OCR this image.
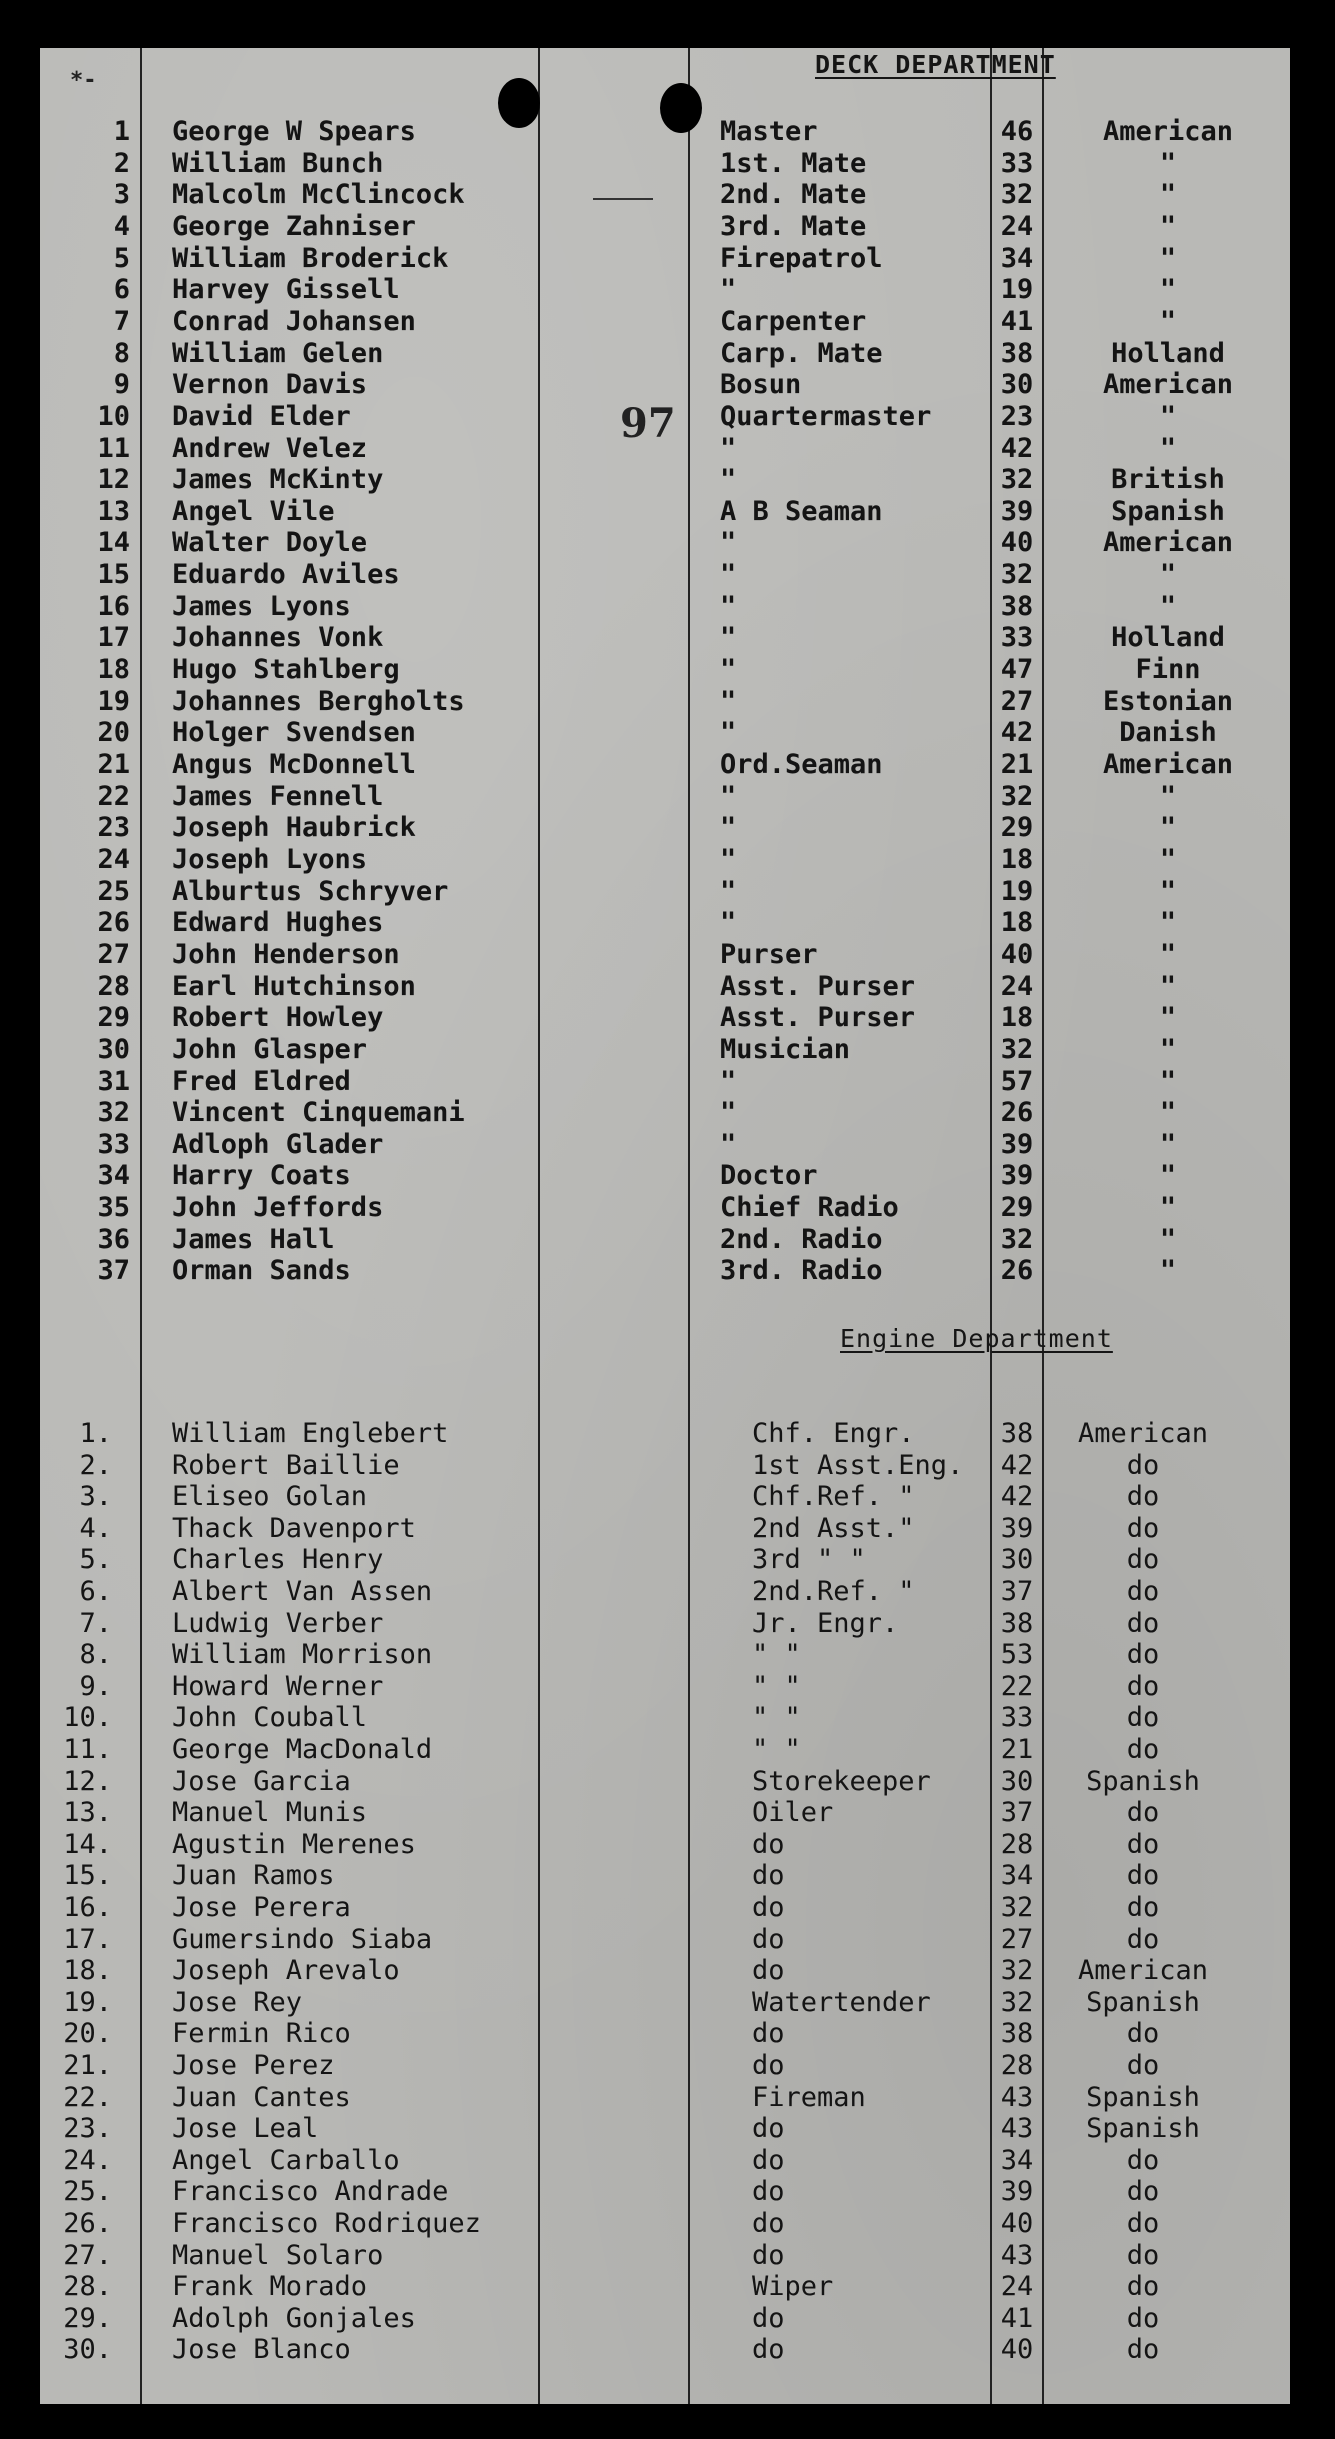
*-
DECK DEPARTMENT
Engine Department
97
1 George W Spears	Master	46	American
2 William Bunch	1st. Mate	33	"
3 Malcolm McClincock	2nd. Mate	32	"
4 George Zahniser	3rd. Mate	24	"
5 William Broderick	Firepatrol	34	"
6 Harvey Gissell	"	19	"
7 Conrad Johansen	Carpenter	41	"
8 William Gelen	Carp. Mate	38	Holland
9 Vernon Davis	Bosun	30	American
10 David Elder	Quartermaster	23	"
11 Andrew Velez	"	42	"
12 James McKinty	"	32	British
13 Angel Vile	A B Seaman	39	Spanish
14 Walter Doyle	"	40	American
15 Eduardo Aviles	"	32	"
16 James Lyons	"	38	"
17 Johannes Vonk	"	33	Holland
18 Hugo Stahlberg	"	47	Finn
19 Johannes Bergholts	"	27	Estonian
20 Holger Svendsen	"	42	Danish
21 Angus McDonnell	Ord.Seaman	21	American
22 James Fennell	"	32	"
23 Joseph Haubrick	"	29	"
24 Joseph Lyons	"	18	"
25 Alburtus Schryver	"	19	"
26 Edward Hughes	"	18	"
27 John Henderson	Purser	40	"
28 Earl Hutchinson	Asst. Purser	24	"
29 Robert Howley	Asst. Purser	18	"
30 John Glasper	Musician	32	"
31 Fred Eldred	"	57	"
32 Vincent Cinquemani	"	26	"
33 Adloph Glader	"	39	"
34 Harry Coats	Doctor	39	"
35 John Jeffords	Chief Radio	29	"
36 James Hall	2nd. Radio	32	"
37 Orman Sands	3rd. Radio	26	"
1. William Englebert	Chf. Engr.	38	American
2. Robert Baillie	1st Asst.Eng.	42	do
3. Eliseo Golan	Chf.Ref. "	42	do
4. Thack Davenport	2nd Asst."	39	do
5. Charles Henry	3rd " "	30	do
6. Albert Van Assen	2nd.Ref. "	37	do
7. Ludwig Verber	Jr. Engr.	38	do
8. William Morrison	" "	53	do
9. Howard Werner	" "	22	do
10. John Couball	" "	33	do
11. George MacDonald	" "	21	do
12. Jose Garcia	Storekeeper	30	Spanish
13. Manuel Munis	Oiler	37	do
14. Agustin Merenes	do	28	do
15. Juan Ramos	do	34	do
16. Jose Perera	do	32	do
17. Gumersindo Siaba	do	27	do
18. Joseph Arevalo	do	32	American
19. Jose Rey	Watertender	32	Spanish
20. Fermin Rico	do	38	do
21. Jose Perez	do	28	do
22. Juan Cantes	Fireman	43	Spanish
23. Jose Leal	do	43	Spanish
24. Angel Carballo	do	34	do
25. Francisco Andrade	do	39	do
26. Francisco Rodriquez	do	40	do
27. Manuel Solaro	do	43	do
28. Frank Morado	Wiper	24	do
29. Adolph Gonjales	do	41	do
30. Jose Blanco	do	40	do
